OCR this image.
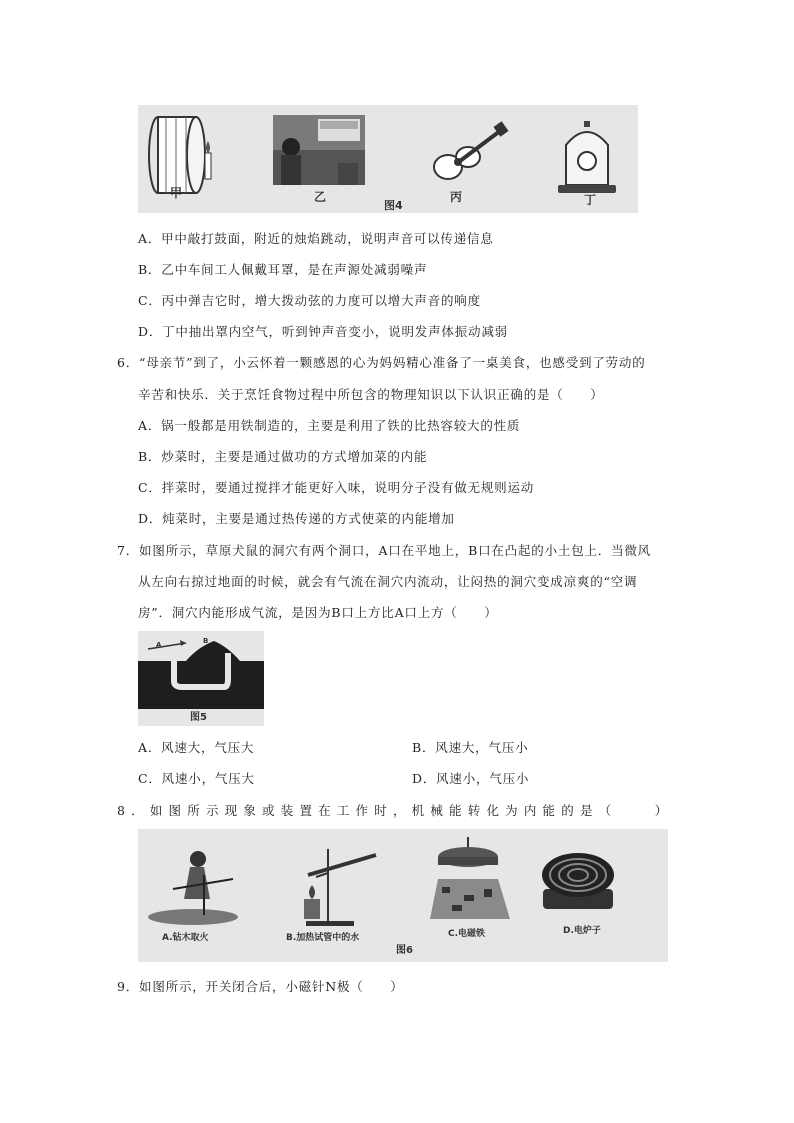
甲	乙	丙	丁
图4
A．甲中敲打鼓面，附近的烛焰跳动，说明声音可以传递信息
B．乙中车间工人佩戴耳罩，是在声源处减弱噪声
C．丙中弹吉它时，增大拨动弦的力度可以增大声音的响度
D．丁中抽出罩内空气，听到钟声音变小，说明发声体振动减弱
6．“母亲节”到了，小云怀着一颗感恩的心为妈妈精心准备了一桌美食，也感受到了劳动的
辛苦和快乐．关于烹饪食物过程中所包含的物理知识以下认识正确的是（　　）
A．锅一般都是用铁制造的，主要是利用了铁的比热容较大的性质
B．炒菜时，主要是通过做功的方式增加菜的内能
C．拌菜时，要通过搅拌才能更好入味，说明分子没有做无规则运动
D．炖菜时，主要是通过热传递的方式使菜的内能增加
7．如图所示，草原犬鼠的洞穴有两个洞口，A口在平地上，B口在凸起的小土包上．当微风
从左向右掠过地面的时候，就会有气流在洞穴内流动，让闷热的洞穴变成凉爽的“空调
房”．洞穴内能形成气流，是因为B口上方比A口上方（　　）
A	B
图5
A．风速大，气压大	B．风速大，气压小
C．风速小，气压大	D．风速小，气压小
8．如图所示现象或装置在工作时，机械能转化为内能的是（　　）
A.钻木取火	B.加热试管中的水	C.电磁铁	D.电炉子
图6
9．如图所示，开关闭合后，小磁针N极（　　）
